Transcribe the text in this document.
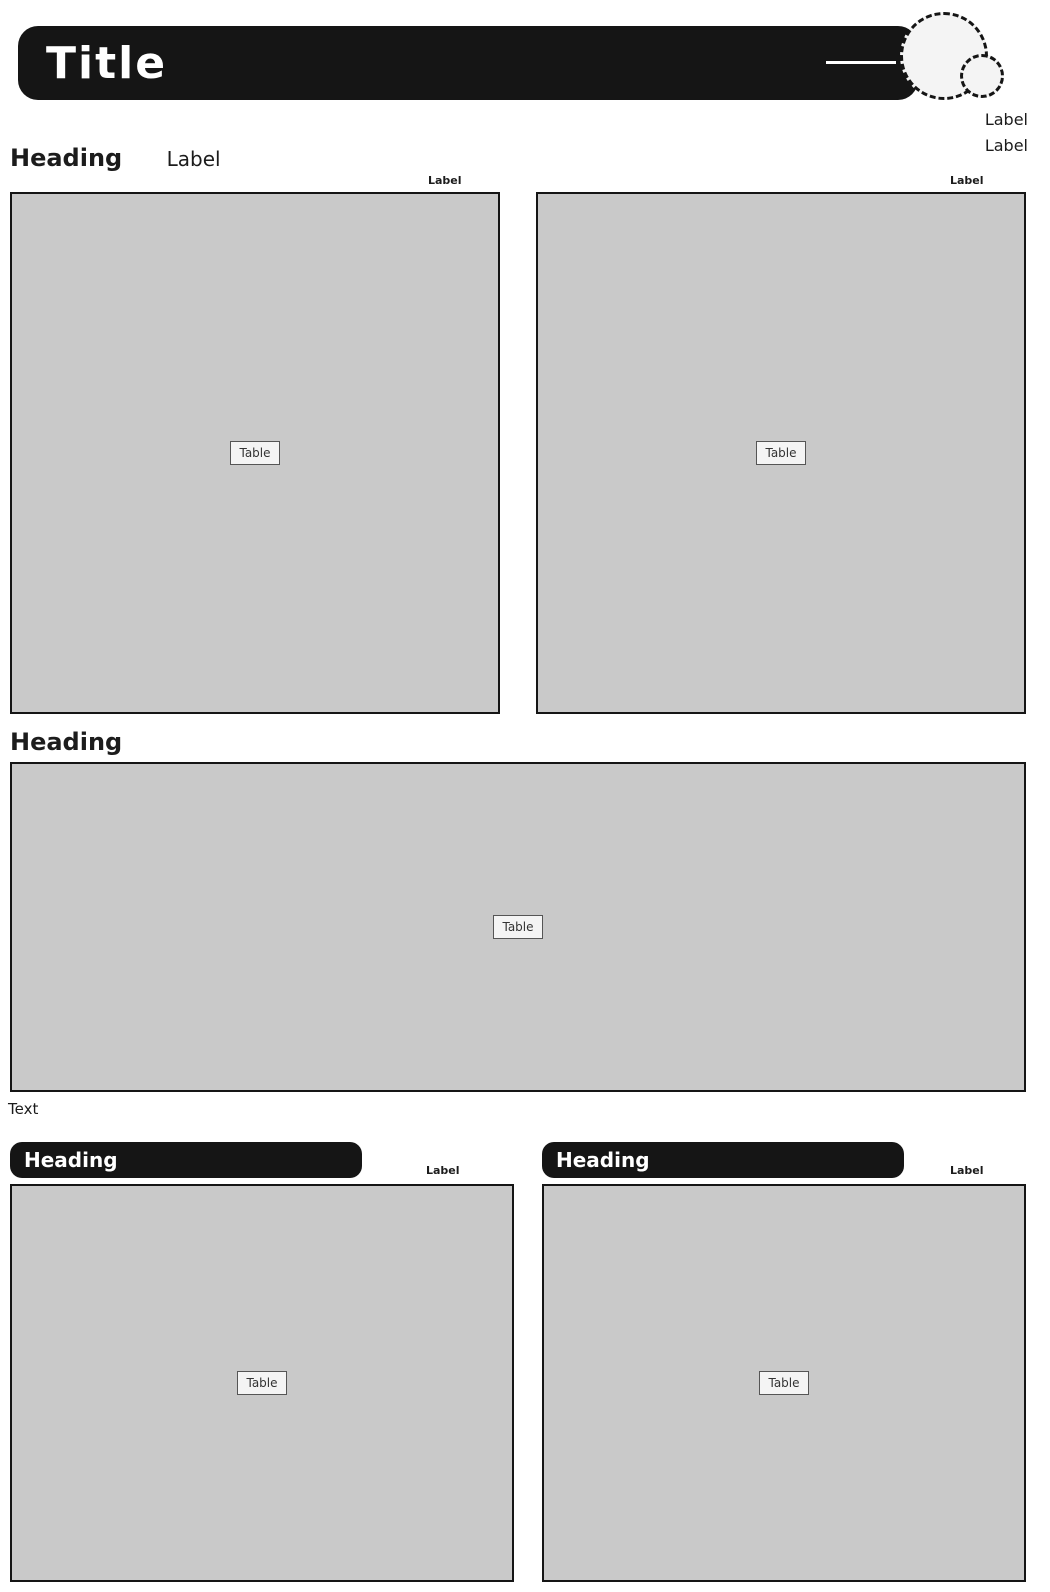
Title
Label
Label
Heading Label
Label	Label
Table	Table
Heading
Table
Text
Heading	Label
Table
Heading	Label
Table
